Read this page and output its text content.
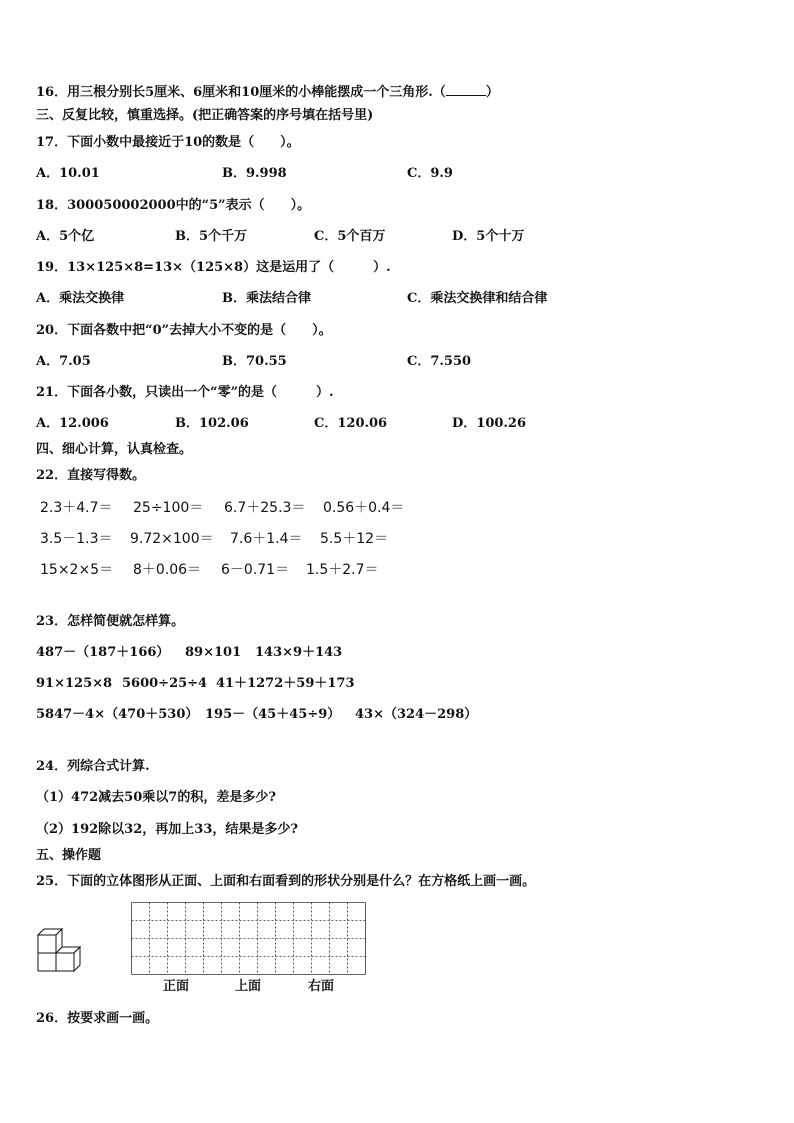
16．用三根分别长5厘米、6厘米和10厘米的小棒能摆成一个三角形.（	）
三、反复比较，慎重选择。(把正确答案的序号填在括号里)
17．下面小数中最接近于10的数是（　　）。
A．10.01	B．9.998	C．9.9
18．300050002000中的“5”表示（　　）。
A．5个亿	B．5个千万	C．5个百万	D．5个十万
19．13×125×8=13×（125×8）这是运用了（　　　）.
A．乘法交换律	B．乘法结合律	C．乘法交换律和结合律
20．下面各数中把“0”去掉大小不变的是（　　）。
A．7.05	B．70.55	C．7.550
21．下面各小数，只读出一个“零”的是（　　　）.
A．12.006	B．102.06	C．120.06	D．100.26
四、细心计算，认真检查。
22．直接写得数。
2.3＋4.7＝ 25÷100＝ 6.7＋25.3＝ 0.56＋0.4＝
3.5－1.3＝ 9.72×100＝ 7.6＋1.4＝ 5.5＋12＝
15×2×5＝ 8＋0.06＝ 6－0.71＝ 1.5＋2.7＝
23．怎样简便就怎样算。
487－（187＋166） 89×101 143×9＋143
91×125×8 5600÷25÷4 41＋1272＋59＋173
5847－4×（470＋530） 195－（45＋45÷9） 43×（324－298）
24．列综合式计算.
（1）472减去50乘以7的积，差是多少?
（2）192除以32，再加上33，结果是多少?
五、操作题
25．下面的立体图形从正面、上面和右面看到的形状分别是什么？在方格纸上画一画。
正面	上面	右面
26．按要求画一画。
